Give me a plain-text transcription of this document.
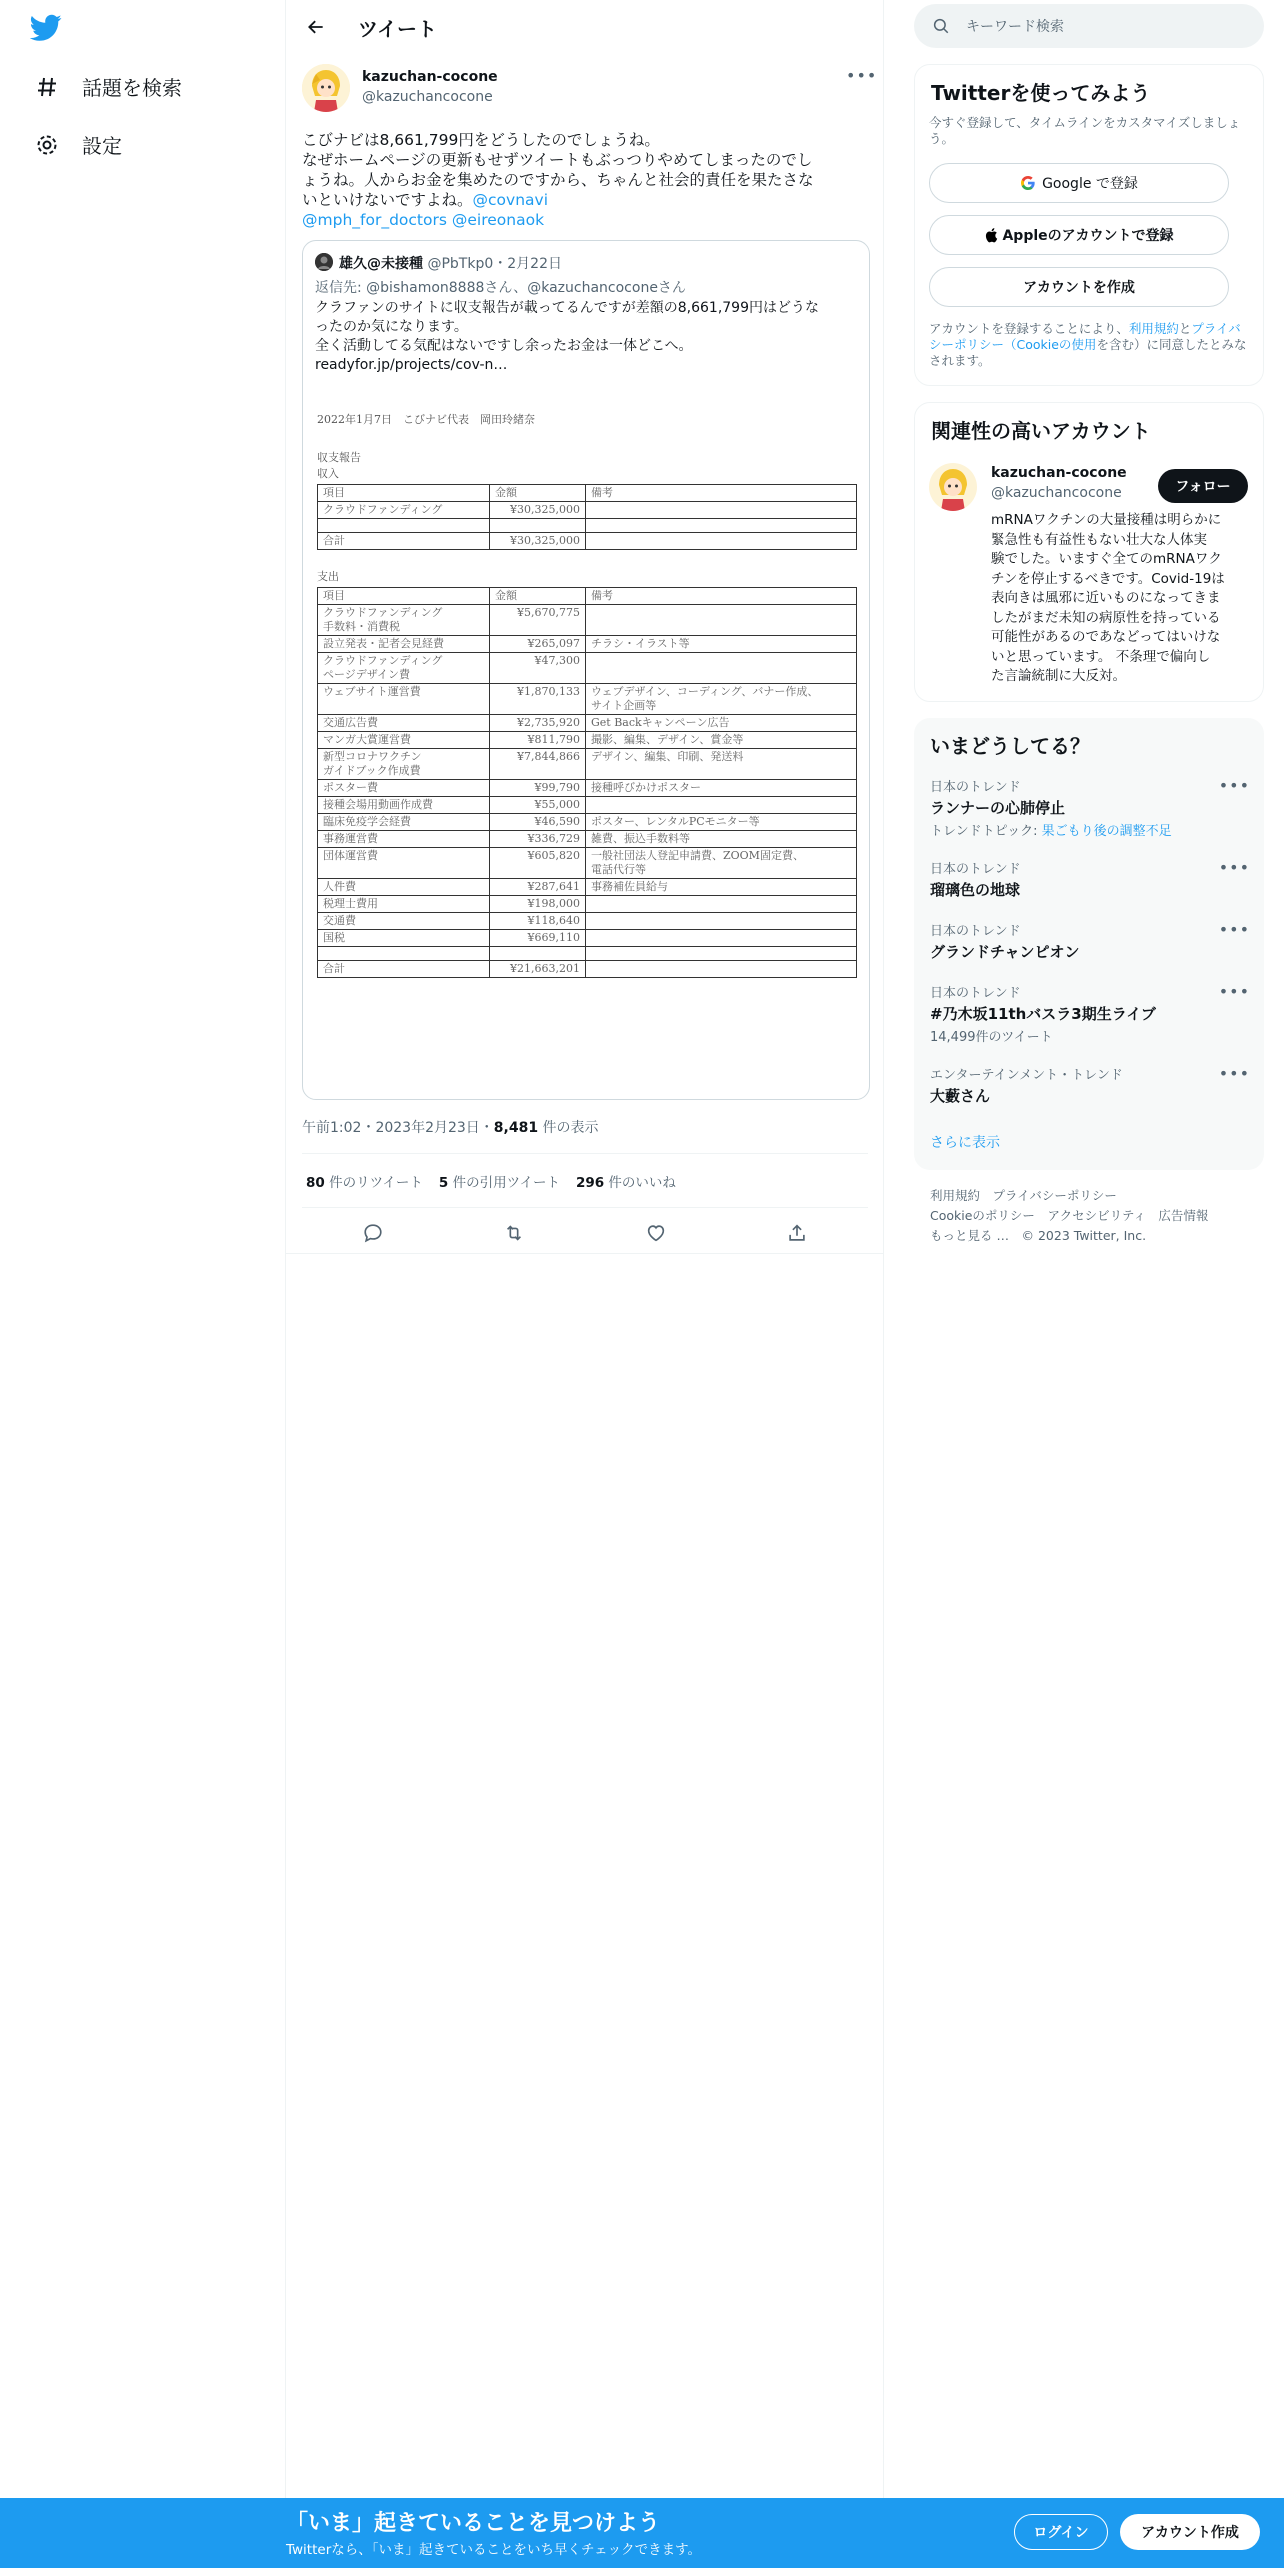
話題を検索
設定
ツイート
kazuchan-cocone
@kazuchancocone
•••
こびナビは8,661,799円をどうしたのでしょうね。
なぜホームページの更新もせずツイートもぶっつりやめてしまったのでし
ょうね。人からお金を集めたのですから、ちゃんと社会的責任を果たさな
いといけないですよね。@covnavi
@mph_for_doctors @eireonaok
雄久@未接種 @PbTkp0・2月22日
返信先: @bishamon8888さん、@kazuchancoconeさん
クラファンのサイトに収支報告が載ってるんですが差額の8,661,799円はどうな
ったのか気になります。
全く活動してる気配はないですし余ったお金は一体どこへ。
readyfor.jp/projects/cov-n…
2022年1月7日　こびナビ代表　岡田玲緒奈
収支報告
収入
項目	金額	備考
クラウドファンディング	¥30,325,000	

合計	¥30,325,000	
支出
項目	金額	備考
クラウドファンディング
手数料・消費税	¥5,670,775	
設立発表・記者会見経費	¥265,097	チラシ・イラスト等
クラウドファンディング
ページデザイン費	¥47,300	
ウェブサイト運営費	¥1,870,133	ウェブデザイン、コーディング、バナー作成、
サイト企画等
交通広告費	¥2,735,920	Get Backキャンペーン広告
マンガ大賞運営費	¥811,790	撮影、編集、デザイン、賞金等
新型コロナワクチン
ガイドブック作成費	¥7,844,866	デザイン、編集、印刷、発送料
ポスター費	¥99,790	接種呼びかけポスター
接種会場用動画作成費	¥55,000	
臨床免疫学会経費	¥46,590	ポスター、レンタルPCモニター等
事務運営費	¥336,729	雑費、振込手数料等
団体運営費	¥605,820	一般社団法人登記申請費、ZOOM固定費、
電話代行等
人件費	¥287,641	事務補佐員給与
税理士費用	¥198,000	
交通費	¥118,640	
国税	¥669,110	

合計	¥21,663,201	
午前1:02・2023年2月23日・8,481 件の表示
80 件のリツイート 5 件の引用ツイート 296 件のいいね
キーワード検索
Twitterを使ってみよう
今すぐ登録して、タイムラインをカスタマイズしましょう。
Google で登録
Appleのアカウントで登録
アカウントを作成
アカウントを登録することにより、利用規約とプライバシーポリシー（Cookieの使用を含む）に同意したとみなされます。
関連性の高いアカウント
kazuchan-cocone
@kazuchancocone	フォロー
mRNAワクチンの大量接種は明らかに
緊急性も有益性もない壮大な人体実
験でした。いますぐ全てのmRNAワク
チンを停止するべきです。Covid-19は
表向きは風邪に近いものになってきま
したがまだ未知の病原性を持っている
可能性があるのであなどってはいけな
いと思っています。 不条理で偏向し
た言論統制に大反対。
いまどうしてる？
日本のトレンド
ランナーの心肺停止
トレンドトピック: 果ごもり後の調整不足
•••
日本のトレンド
瑠璃色の地球
•••
日本のトレンド
グランドチャンピオン
•••
日本のトレンド
#乃木坂11thバスラ3期生ライブ
14,499件のツイート
•••
エンターテインメント・トレンド
大藪さん
•••
さらに表示
利用規約　 プライバシーポリシー
Cookieのポリシー　 アクセシビリティ　 広告情報
もっと見る …　 © 2023 Twitter, Inc.
「いま」起きていることを見つけよう
Twitterなら、「いま」起きていることをいち早くチェックできます。
ログイン	アカウント作成
